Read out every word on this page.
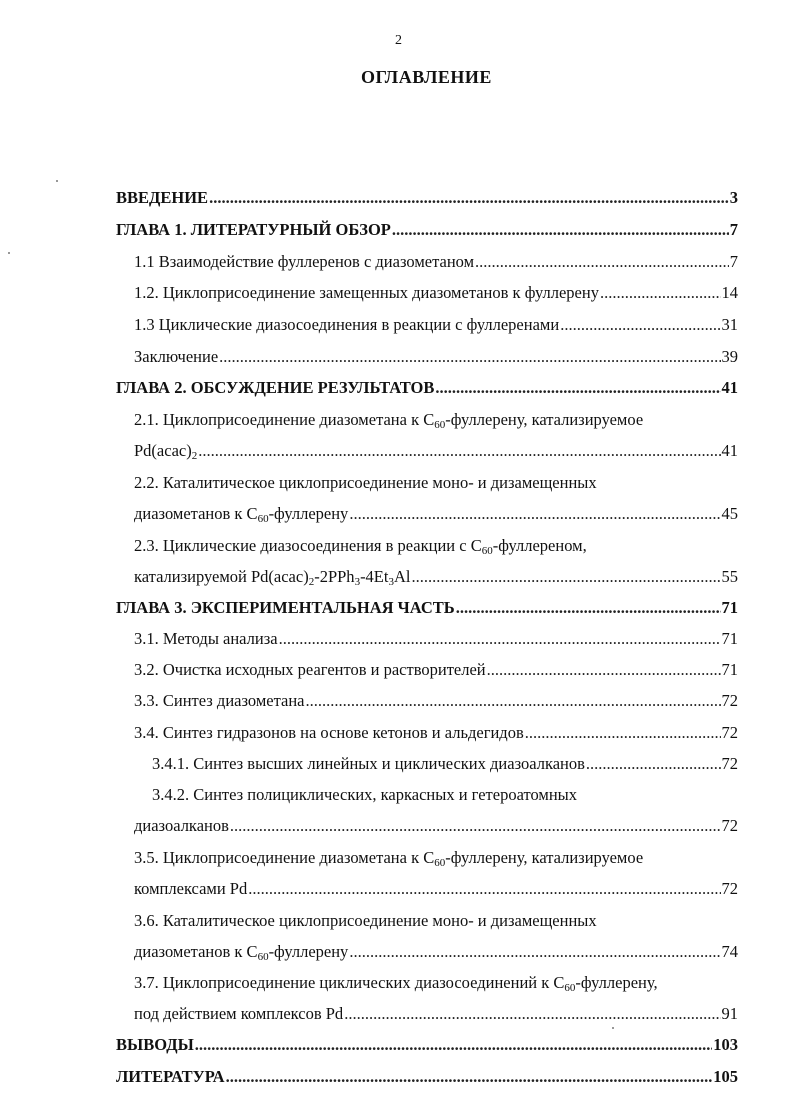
2
ОГЛАВЛЕНИЕ
ВВЕДЕНИЕ .....	3
ГЛАВА 1. ЛИТЕРАТУРНЫЙ ОБЗОР .....	7
1.1 Взаимодействие фуллеренов с диазометаном .....	7
1.2. Циклоприсоединение замещенных диазометанов к фуллерену .....	14
1.3 Циклические диазосоединения в реакции с фуллеренами .....	31
Заключение .....	39
ГЛАВА 2. ОБСУЖДЕНИЕ РЕЗУЛЬТАТОВ .....	41
2.1. Циклоприсоединение диазометана к $С_{60}$-фуллерену, катализируемое
$Pd(acac)_2$ .....	41
2.2. Каталитическое циклоприсоединение моно- и дизамещенных
диазометанов к $С_{60}$-фуллерену .....	45
2.3. Циклические диазосоединения в реакции с $С_{60}$-фуллереном,
катализируемой $Pd(acac)_2-2PPh_3-4Et_3Al$ .....	55
ГЛАВА 3. ЭКСПЕРИМЕНТАЛЬНАЯ ЧАСТЬ .....	71
3.1. Методы анализа .....	71
3.2. Очистка исходных реагентов и растворителей .....	71
3.3. Синтез диазометана .....	72
3.4. Синтез гидразонов на основе кетонов и альдегидов .....	72
3.4.1. Синтез высших линейных и циклических диазоалканов .....	72
3.4.2. Синтез полициклических, каркасных и гетероатомных
диазоалканов .....	72
3.5. Циклоприсоединение диазометана к $С_{60}$-фуллерену, катализируемое
комплексами Pd .....	72
3.6. Каталитическое циклоприсоединение моно- и дизамещенных
диазометанов к $С_{60}$-фуллерену .....	74
3.7. Циклоприсоединение циклических диазосоединений к $С_{60}$-фуллерену,
под действием комплексов Pd .....	91
ВЫВОДЫ .....	103
ЛИТЕРАТУРА .....	105
